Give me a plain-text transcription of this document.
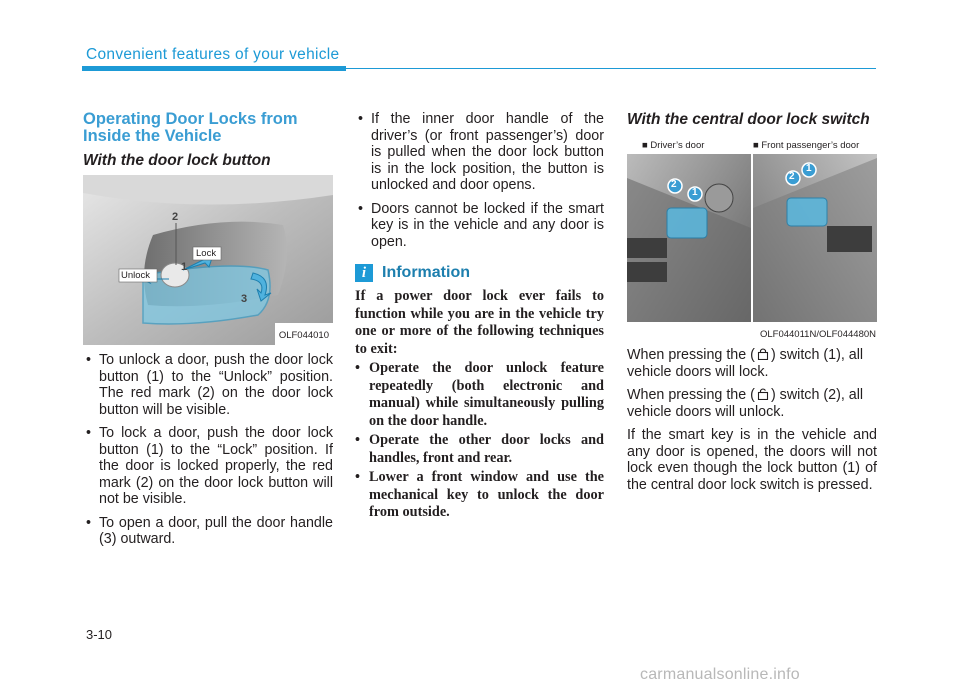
Convenient features of your vehicle
Operating Door Locks from Inside the Vehicle
With the door lock button
Unlock
Lock
2
1
3
OLF044010
• To unlock a door, push the door lock button (1) to the “Unlock” position. The red mark (2) on the door lock button will be visible.
• To lock a door, push the door lock button (1) to the “Lock” position. If the door is locked properly, the red mark (2) on the door lock button will not be visible.
• To open a door, pull the door handle (3) outward.
• If the inner door handle of the driver’s (or front passenger’s) door is pulled when the door lock button is in the lock position, the button is unlocked and door opens.
• Doors cannot be locked if the smart key is in the vehicle and any door is open.
i Information
If a power door lock ever fails to function while you are in the vehicle try one or more of the following techniques to exit:
• Operate the door unlock feature repeatedly (both electronic and manual) while simultaneously pulling on the door handle.
• Operate the other door locks and handles, front and rear.
• Lower a front window and use the mechanical key to unlock the door from outside.
With the central door lock switch
■ Driver’s door	■ Front passenger’s door
2
1
2
1
OLF044011N/OLF044480N

When pressing the ( ) switch (1), all vehicle doors will lock.

When pressing the ( ) switch (2), all vehicle doors will unlock.

If the smart key is in the vehicle and any door is opened, the doors will not lock even though the lock button (1) of the central door lock switch is pressed.

3-10
carmanualsonline.info
